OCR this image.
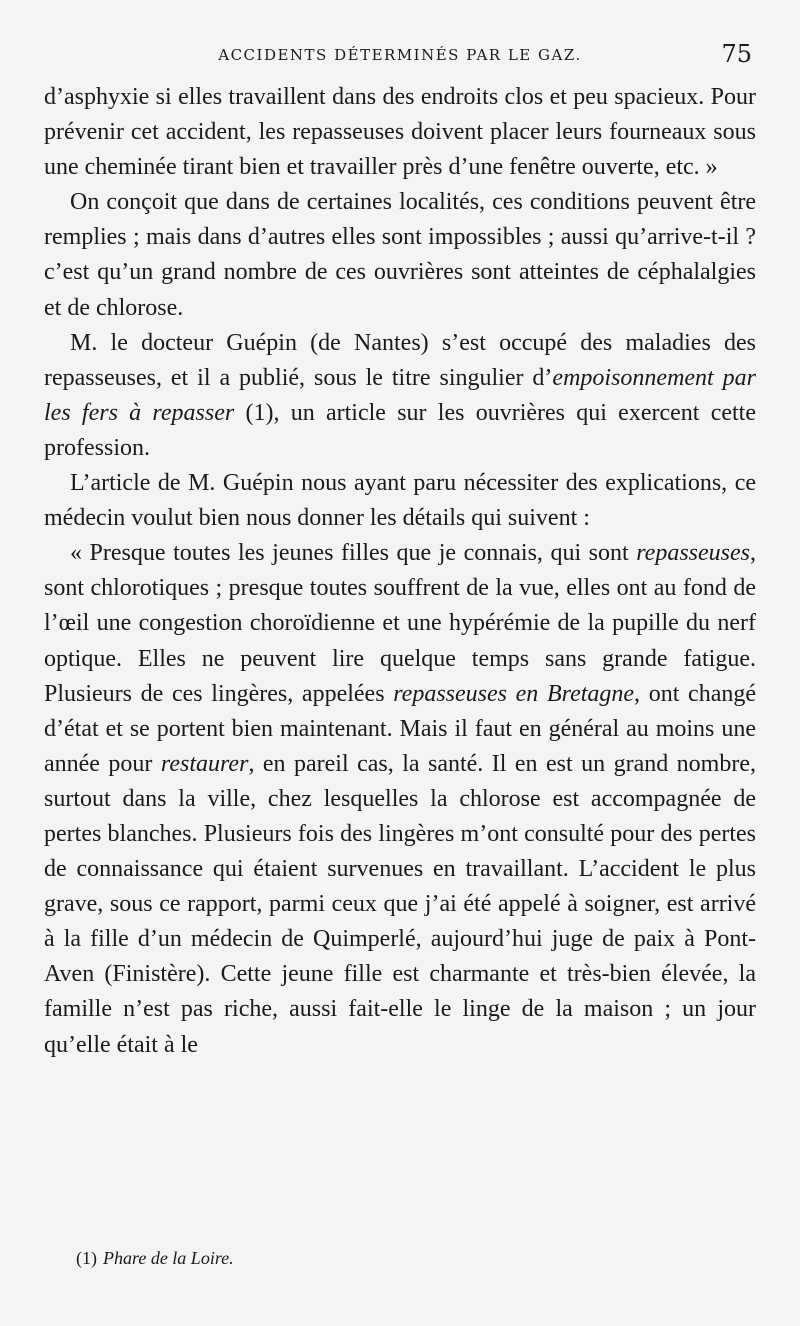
ACCIDENTS DÉTERMINÉS PAR LE GAZ.	75

d’asphyxie si elles travaillent dans des endroits clos et peu spacieux. Pour prévenir cet accident, les repasseuses doivent placer leurs fourneaux sous une cheminée tirant bien et travailler près d’une fenêtre ouverte, etc. »

On conçoit que dans de certaines localités, ces conditions peuvent être remplies ; mais dans d’autres elles sont impossibles ; aussi qu’arrive-t-il ? c’est qu’un grand nombre de ces ouvrières sont atteintes de céphalalgies et de chlorose.

M. le docteur Guépin (de Nantes) s’est occupé des maladies des repasseuses, et il a publié, sous le titre singulier d’empoisonnement par les fers à repasser (1), un article sur les ouvrières qui exercent cette profession.

L’article de M. Guépin nous ayant paru nécessiter des explications, ce médecin voulut bien nous donner les détails qui suivent :

« Presque toutes les jeunes filles que je connais, qui sont repasseuses, sont chlorotiques ; presque toutes souffrent de la vue, elles ont au fond de l’œil une congestion choroïdienne et une hypérémie de la pupille du nerf optique. Elles ne peuvent lire quelque temps sans grande fatigue. Plusieurs de ces lingères, appelées repasseuses en Bretagne, ont changé d’état et se portent bien maintenant. Mais il faut en général au moins une année pour restaurer, en pareil cas, la santé. Il en est un grand nombre, surtout dans la ville, chez lesquelles la chlorose est accompagnée de pertes blanches. Plusieurs fois des lingères m’ont consulté pour des pertes de connaissance qui étaient survenues en travaillant. L’accident le plus grave, sous ce rapport, parmi ceux que j’ai été appelé à soigner, est arrivé à la fille d’un médecin de Quimperlé, aujourd’hui juge de paix à Pont-Aven (Finistère). Cette jeune fille est charmante et très-bien élevée, la famille n’est pas riche, aussi fait-elle le linge de la maison ; un jour qu’elle était à le

(1) Phare de la Loire.
